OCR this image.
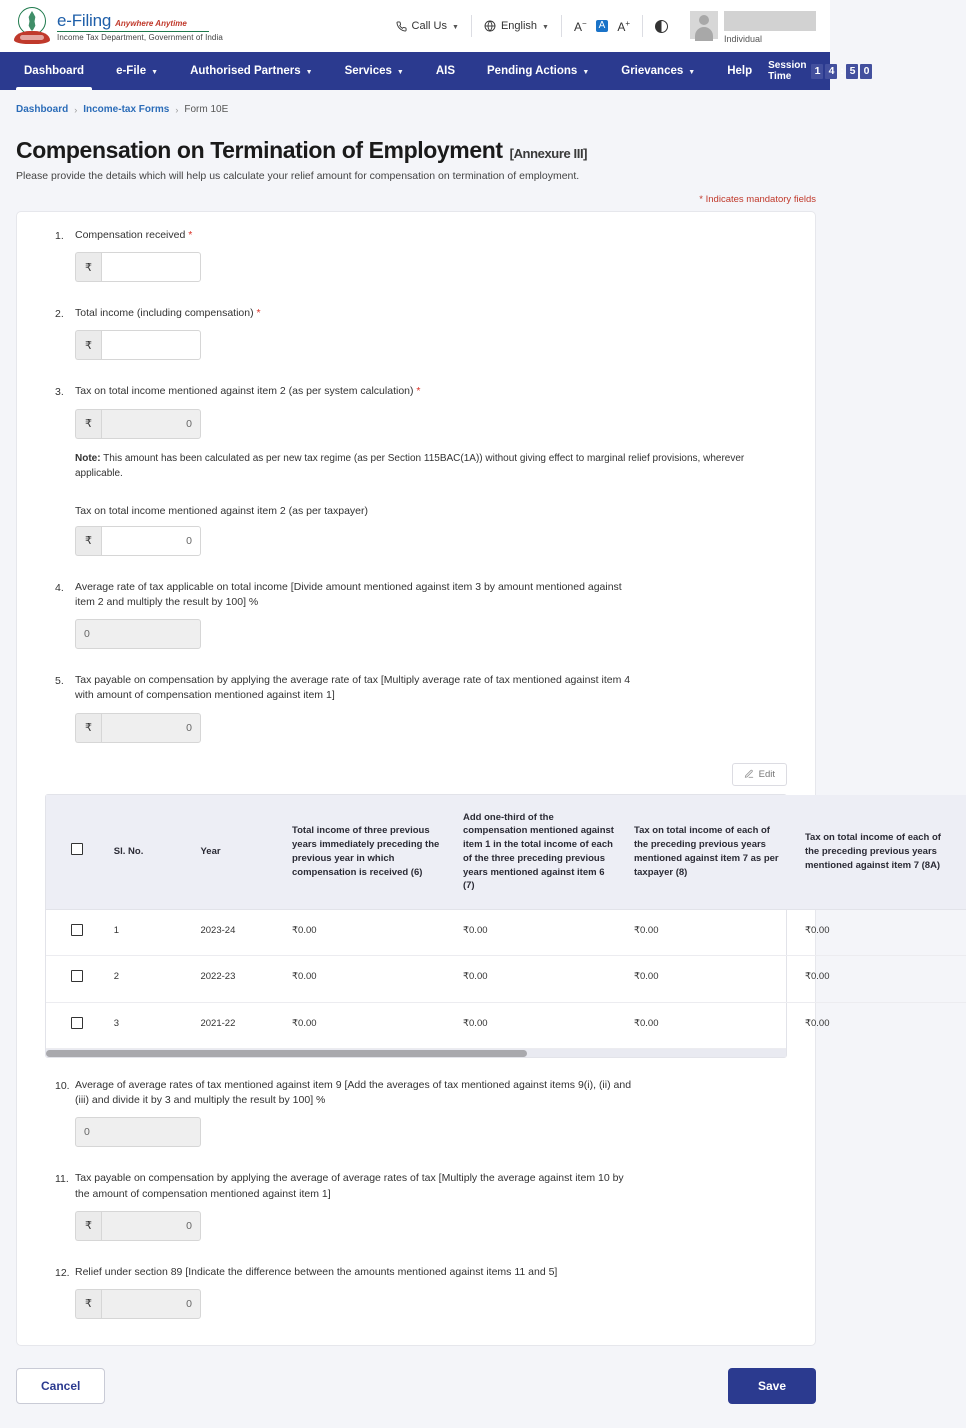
e-Filing Anywhere Anytime
Income Tax Department, Government of India
Call Us ▼	English ▼ A−	A A+
Individual
Dashboard	e-File ▼	Authorised Partners ▼	Services ▼	AIS	Pending Actions ▼	Grievances ▼	Help Session Time	1 4 : 5 0
Dashboard › Income-tax Forms › Form 10E
Compensation on Termination of Employment [Annexure III]
Please provide the details which will help us calculate your relief amount for compensation on termination of employment.
* Indicates mandatory fields
1.	Compensation received *
₹
2.	Total income (including compensation) *
₹
3.	Tax on total income mentioned against item 2 (as per system calculation) *
₹
0
Note: This amount has been calculated as per new tax regime (as per Section 115BAC(1A)) without giving effect to marginal relief provisions, wherever applicable.
Tax on total income mentioned against item 2 (as per taxpayer)
₹
0
4.	Average rate of tax applicable on total income [Divide amount mentioned against item 3 by amount mentioned against item 2 and multiply the result by 100] %
0
5.	Tax payable on compensation by applying the average rate of tax [Multiply average rate of tax mentioned against item 4 with amount of compensation mentioned against item 1]
₹
0
Edit
	Sl. No.	Year	Total income of three previous years immediately preceding the previous year in which compensation is received (6)	Add one-third of the compensation mentioned against item 1 in the total income of each of the three preceding previous years mentioned against item 6 (7)	Tax on total income of each of the preceding previous years mentioned against item 7 as per taxpayer (8)	Tax on total income of each of the preceding previous years mentioned against item 7 (8A)
	1	2023-24	₹0.00	₹0.00	₹0.00	₹0.00
	2	2022-23	₹0.00	₹0.00	₹0.00	₹0.00
	3	2021-22	₹0.00	₹0.00	₹0.00	₹0.00
10. Average of average rates of tax mentioned against item 9 [Add the averages of tax mentioned against items 9(i), (ii) and (iii) and divide it by 3 and multiply the result by 100] %
0
11. Tax payable on compensation by applying the average of average rates of tax [Multiply the average against item 10 by the amount of compensation mentioned against item 1]
₹
0
12. Relief under section 89 [Indicate the difference between the amounts mentioned against items 11 and 5]
₹
0
Cancel	Save
